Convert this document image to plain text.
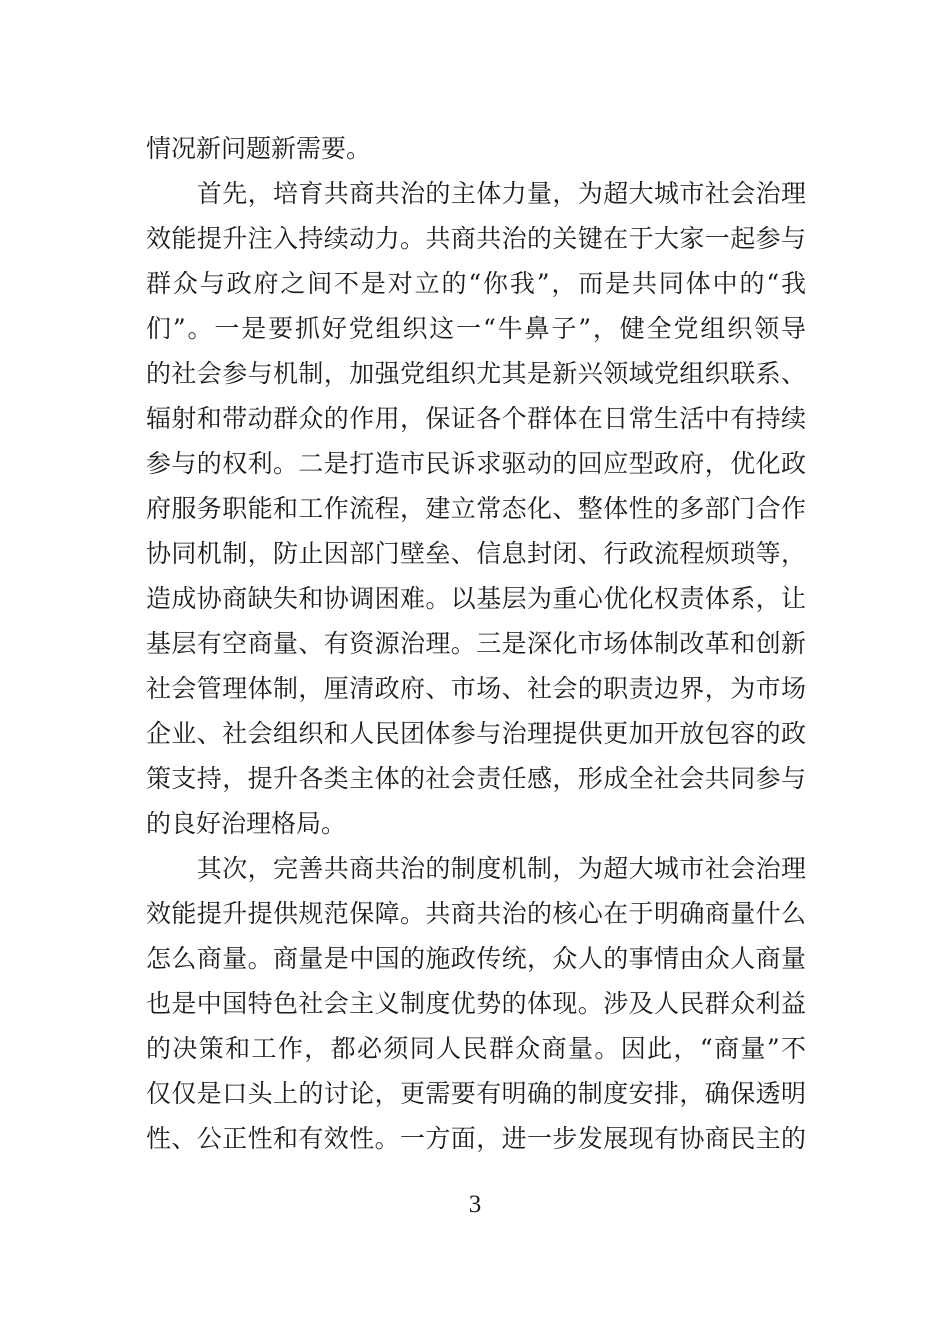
情况新问题新需要。
　　首先，培育共商共治的主体力量，为超大城市社会治理
效能提升注入持续动力。共商共治的关键在于大家一起参与
群众与政府之间不是对立的“你我”，而是共同体中的“我
们”。一是要抓好党组织这一“牛鼻子”，健全党组织领导
的社会参与机制，加强党组织尤其是新兴领域党组织联系、
辐射和带动群众的作用，保证各个群体在日常生活中有持续
参与的权利。二是打造市民诉求驱动的回应型政府，优化政
府服务职能和工作流程，建立常态化、整体性的多部门合作
协同机制，防止因部门壁垒、信息封闭、行政流程烦琐等，
造成协商缺失和协调困难。以基层为重心优化权责体系，让
基层有空商量、有资源治理。三是深化市场体制改革和创新
社会管理体制，厘清政府、市场、社会的职责边界，为市场
企业、社会组织和人民团体参与治理提供更加开放包容的政
策支持，提升各类主体的社会责任感，形成全社会共同参与
的良好治理格局。
　　其次，完善共商共治的制度机制，为超大城市社会治理
效能提升提供规范保障。共商共治的核心在于明确商量什么
怎么商量。商量是中国的施政传统，众人的事情由众人商量
也是中国特色社会主义制度优势的体现。涉及人民群众利益
的决策和工作，都必须同人民群众商量。因此，“商量”不
仅仅是口头上的讨论，更需要有明确的制度安排，确保透明
性、公正性和有效性。一方面，进一步发展现有协商民主的
3
